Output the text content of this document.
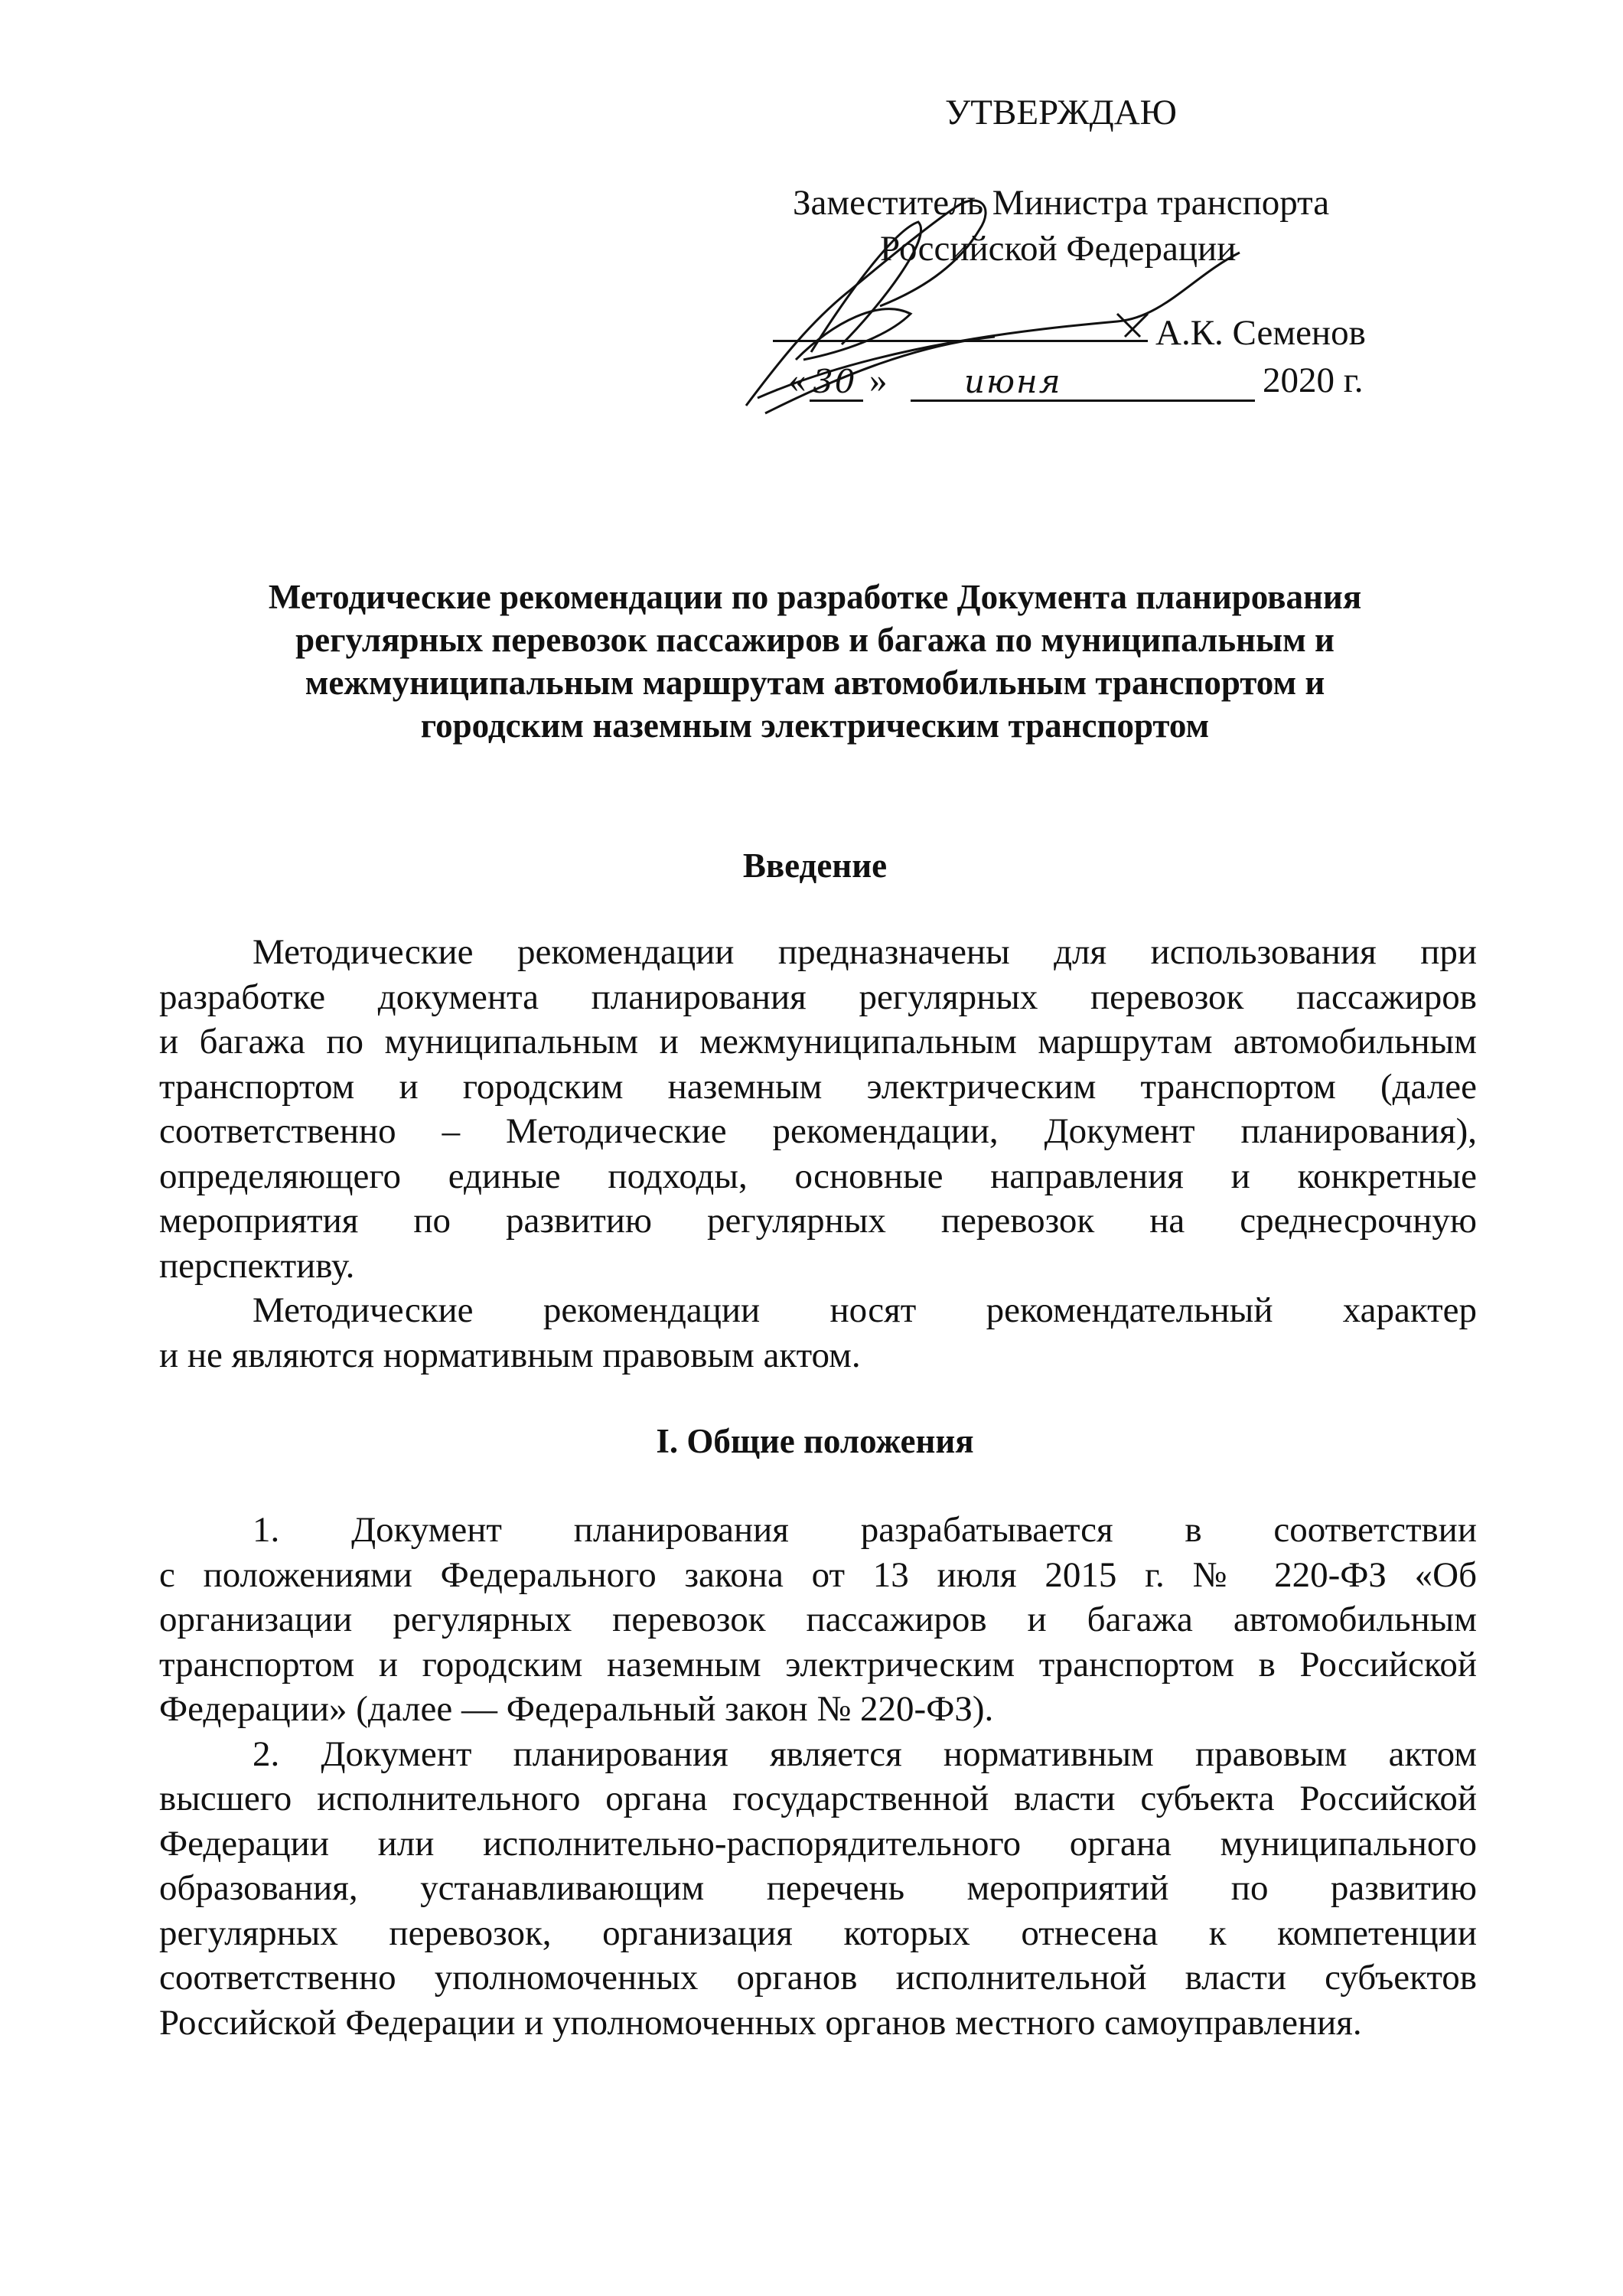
УТВЕРЖДАЮ
Заместитель Министра транспорта
Российской Федерации
А.К. Семенов
« 30 » июня	2020 г.
Методические рекомендации по разработке Документа планирования
регулярных перевозок пассажиров и багажа по муниципальным и
межмуниципальным маршрутам автомобильным транспортом и
городским наземным электрическим транспортом
Введение
Методические рекомендации предназначены для использования при
разработке документа планирования регулярных перевозок пассажиров
и багажа по муниципальным и межмуниципальным маршрутам автомобильным
транспортом и городским наземным электрическим транспортом (далее
соответственно – Методические рекомендации, Документ планирования),
определяющего единые подходы, основные направления и конкретные
мероприятия по развитию регулярных перевозок на среднесрочную
перспективу.
Методические рекомендации носят рекомендательный характер
и не являются нормативным правовым актом.
I. Общие положения
1. Документ планирования разрабатывается в соответствии
с положениями Федерального закона от 13 июля 2015 г. № 220-ФЗ «Об
организации регулярных перевозок пассажиров и багажа автомобильным
транспортом и городским наземным электрическим транспортом в Российской
Федерации» (далее — Федеральный закон № 220-ФЗ).
2. Документ планирования является нормативным правовым актом
высшего исполнительного органа государственной власти субъекта Российской
Федерации или исполнительно-распорядительного органа муниципального
образования, устанавливающим перечень мероприятий по развитию
регулярных перевозок, организация которых отнесена к компетенции
соответственно уполномоченных органов исполнительной власти субъектов
Российской Федерации и уполномоченных органов местного самоуправления.
